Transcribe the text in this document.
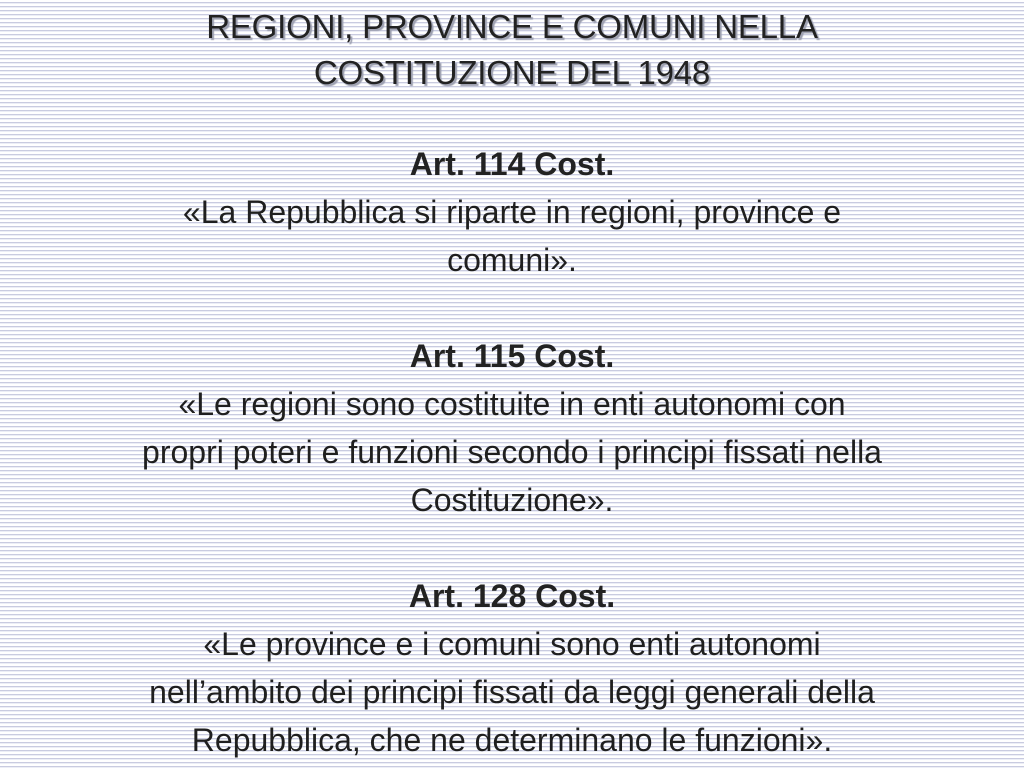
REGIONI, PROVINCE E COMUNI NELLA
COSTITUZIONE DEL 1948
Art. 114 Cost.
«La Repubblica si riparte in regioni, province e
comuni».
Art. 115 Cost.
«Le regioni sono costituite in enti autonomi con
propri poteri e funzioni secondo i principi fissati nella
Costituzione».
Art. 128 Cost.
«Le province e i comuni sono enti autonomi
nell’ambito dei principi fissati da leggi generali della
Repubblica, che ne determinano le funzioni».
